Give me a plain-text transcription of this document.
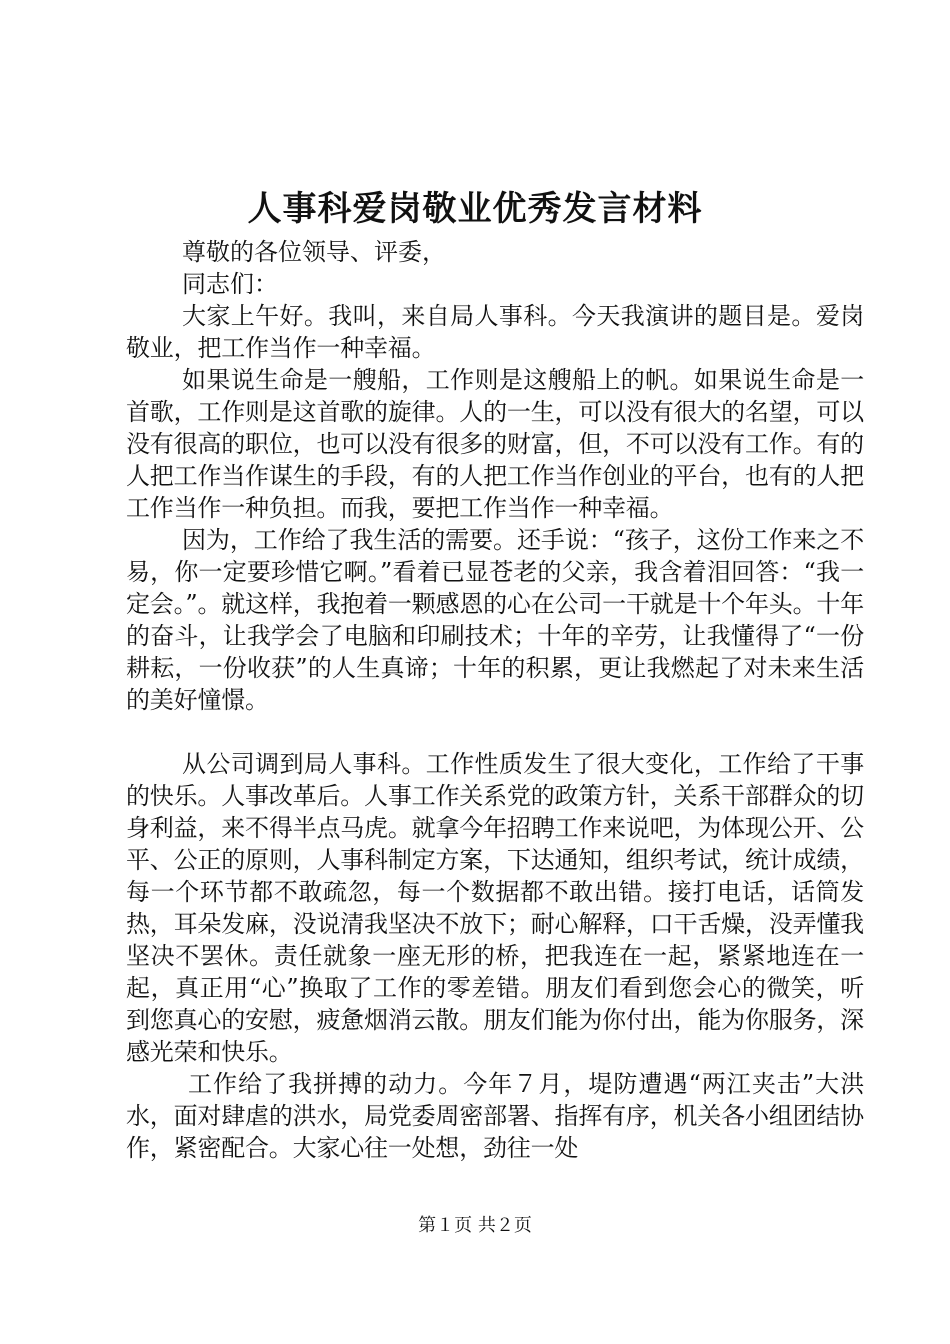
人事科爱岗敬业优秀发言材料

尊敬的各位领导、评委，

同志们：

大家上午好。我叫，来自局人事科。今天我演讲的题目是。爱岗敬业，把工作当作一种幸福。

如果说生命是一艘船，工作则是这艘船上的帆。如果说生命是一首歌，工作则是这首歌的旋律。人的一生，可以没有很大的名望，可以没有很高的职位，也可以没有很多的财富，但，不可以没有工作。有的人把工作当作谋生的手段，有的人把工作当作创业的平台，也有的人把工作当作一种负担。而我，要把工作当作一种幸福。

因为，工作给了我生活的需要。还手说：“孩子，这份工作来之不易，你一定要珍惜它啊。”看着已显苍老的父亲，我含着泪回答：“我一定会。”。就这样，我抱着一颗感恩的心在公司一干就是十个年头。十年的奋斗，让我学会了电脑和印刷技术；十年的辛劳，让我懂得了“一份耕耘，一份收获”的人生真谛；十年的积累，更让我燃起了对未来生活的美好憧憬。

从公司调到局人事科。工作性质发生了很大变化，工作给了干事的快乐。人事改革后。人事工作关系党的政策方针，关系干部群众的切身利益，来不得半点马虎。就拿今年招聘工作来说吧，为体现公开、公平、公正的原则，人事科制定方案，下达通知，组织考试，统计成绩，每一个环节都不敢疏忽，每一个数据都不敢出错。接打电话，话筒发热，耳朵发麻，没说清我坚决不放下；耐心解释，口干舌燥，没弄懂我坚决不罢休。责任就象一座无形的桥，把我连在一起，紧紧地连在一起，真正用“心”换取了工作的零差错。朋友们看到您会心的微笑，听到您真心的安慰，疲惫烟消云散。朋友们能为你付出，能为你服务，深感光荣和快乐。

工作给了我拼搏的动力。今年７月，堤防遭遇“两江夹击”大洪水，面对肆虐的洪水，局党委周密部署、指挥有序，机关各小组团结协作，紧密配合。大家心往一处想，劲往一处

第１页 共２页
